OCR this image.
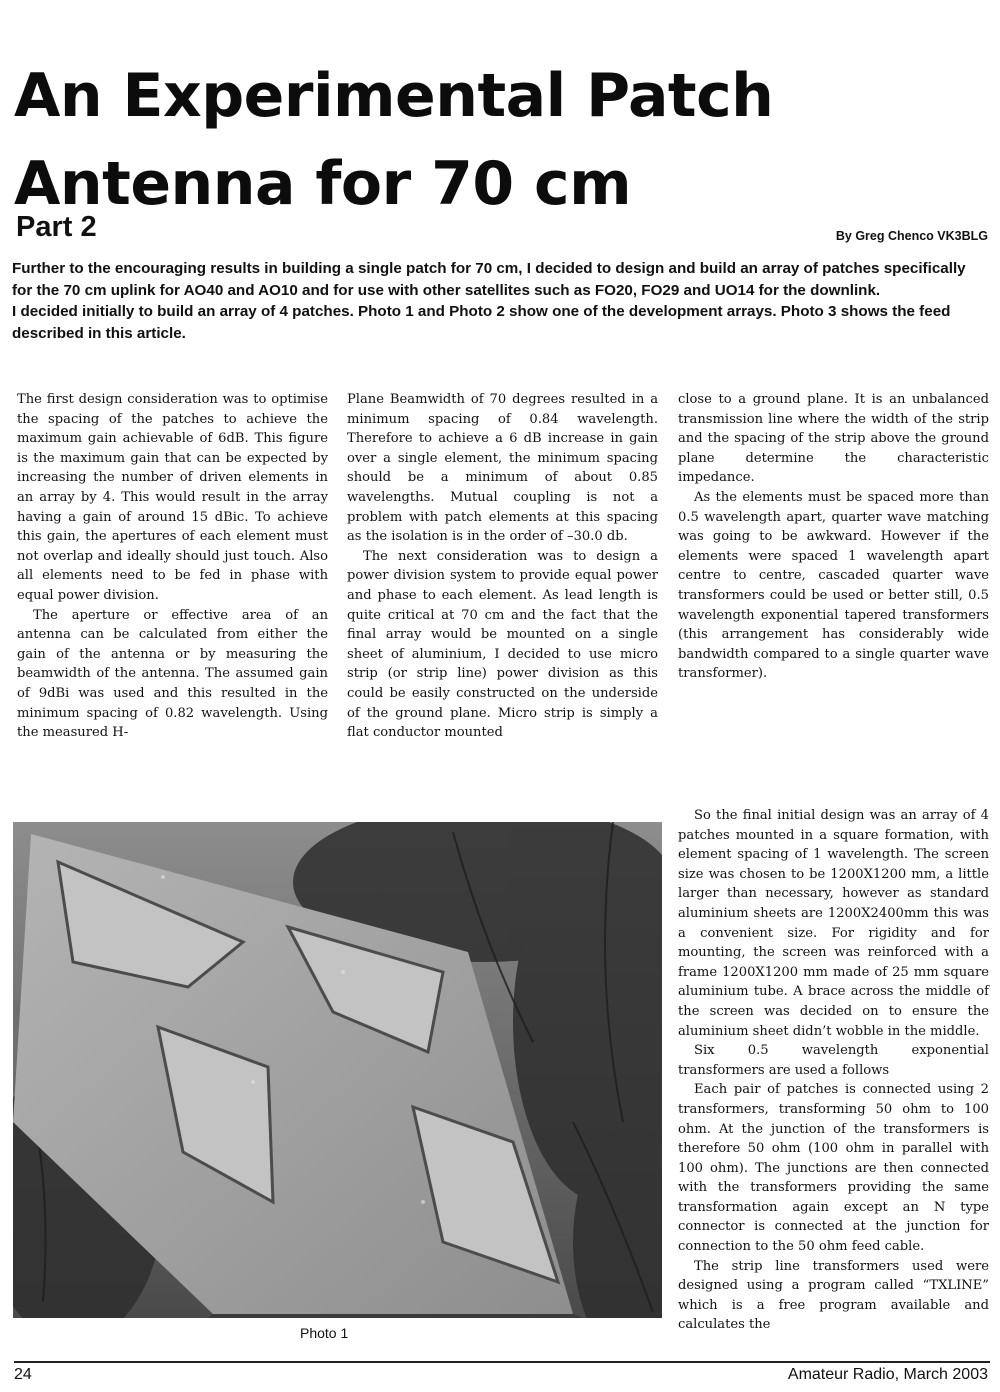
An Experimental Patch Antenna for 70 cm
Part 2	By Greg Chenco VK3BLG

Further to the encouraging results in building a single patch for 70 cm, I decided to design and build an array of patches specifically for the 70 cm uplink for AO40 and AO10 and for use with other satellites such as FO20, FO29 and UO14 for the downlink.

I decided initially to build an array of 4 patches. Photo 1 and Photo 2 show one of the development arrays. Photo 3 shows the feed described in this article.

The first design consideration was to optimise the spacing of the patches to achieve the maximum gain achievable of 6dB. This figure is the maximum gain that can be expected by increasing the number of driven elements in an array by 4. This would result in the array having a gain of around 15 dBic. To achieve this gain, the apertures of each element must not overlap and ideally should just touch. Also all elements need to be fed in phase with equal power division.

The aperture or effective area of an antenna can be calculated from either the gain of the antenna or by measuring the beamwidth of the antenna. The assumed gain of 9dBi was used and this resulted in the minimum spacing of 0.82 wavelength. Using the measured H-

Plane Beamwidth of 70 degrees resulted in a minimum spacing of 0.84 wavelength. Therefore to achieve a 6 dB increase in gain over a single element, the minimum spacing should be a minimum of about 0.85 wavelengths. Mutual coupling is not a problem with patch elements at this spacing as the isolation is in the order of –30.0 db.

The next consideration was to design a power division system to provide equal power and phase to each element. As lead length is quite critical at 70 cm and the fact that the final array would be mounted on a single sheet of aluminium, I decided to use micro strip (or strip line) power division as this could be easily constructed on the underside of the ground plane. Micro strip is simply a flat conductor mounted

close to a ground plane. It is an unbalanced transmission line where the width of the strip and the spacing of the strip above the ground plane determine the characteristic impedance.

As the elements must be spaced more than 0.5 wavelength apart, quarter wave matching was going to be awkward. However if the elements were spaced 1 wavelength apart centre to centre, cascaded quarter wave transformers could be used or better still, 0.5 wavelength exponential tapered transformers (this arrangement has considerably wide bandwidth compared to a single quarter wave transformer).

So the final initial design was an array of 4 patches mounted in a square formation, with element spacing of 1 wavelength. The screen size was chosen to be 1200X1200 mm, a little larger than necessary, however as standard aluminium sheets are 1200X2400mm this was a convenient size. For rigidity and for mounting, the screen was reinforced with a frame 1200X1200 mm made of 25 mm square aluminium tube. A brace across the middle of the screen was decided on to ensure the aluminium sheet didn’t wobble in the middle.

Six 0.5 wavelength exponential transformers are used a follows

Each pair of patches is connected using 2 transformers, transforming 50 ohm to 100 ohm. At the junction of the transformers is therefore 50 ohm (100 ohm in parallel with 100 ohm). The junctions are then connected with the transformers providing the same transformation again except an N type connector is connected at the junction for connection to the 50 ohm feed cable.

The strip line transformers used were designed using a program called “TXLINE” which is a free program available and calculates the

Photo 1
24	Amateur Radio, March 2003
